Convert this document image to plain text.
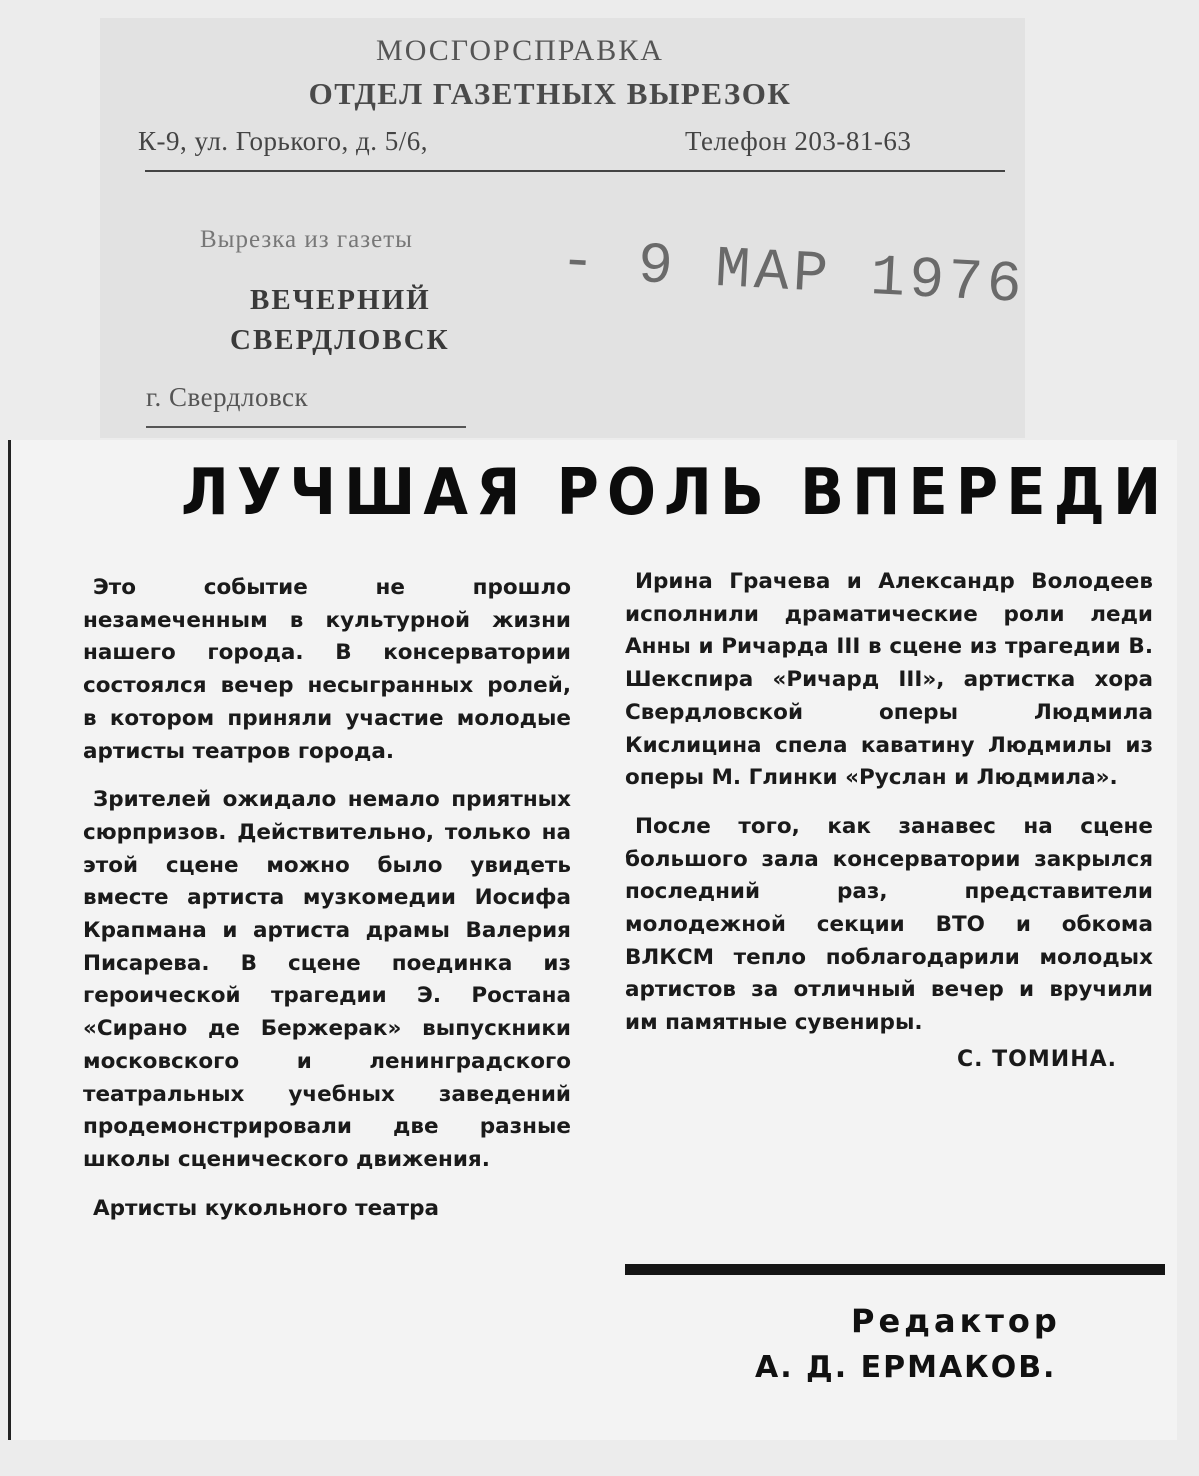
МОСГОРСПРАВКА
ОТДЕЛ ГАЗЕТНЫХ ВЫРЕЗОК
К-9, ул. Горького, д. 5/6,	Телефон 203-81-63
Вырезка из газеты
ВЕЧЕРНИЙ
СВЕРДЛОВСК
г. Свердловск
- 9 МАР 1976
ЛУЧШАЯ РОЛЬ ВПЕРЕДИ

Это событие не прошло незамеченным в культурной жизни нашего города. В консерватории состоялся вечер несыгранных ролей, в котором приняли участие молодые артисты театров города.

Зрителей ожидало немало приятных сюрпризов. Действительно, только на этой сцене можно было увидеть вместе артиста музкомедии Иосифа Крапмана и артиста драмы Валерия Писарева. В сцене поединка из героической трагедии Э. Ростана «Сирано де Бержерак» выпускники московского и ленинградского театральных учебных заведений продемонстрировали две разные школы сценического движения.

Артисты кукольного театра

Ирина Грачева и Александр Володеев исполнили драматические роли леди Анны и Ричарда III в сцене из трагедии В. Шекспира «Ричард III», артистка хора Свердловской оперы Людмила Кислицина спела каватину Людмилы из оперы М. Глинки «Руслан и Людмила».

После того, как занавес на сцене большого зала консерватории закрылся последний раз, представители молодежной секции ВТО и обкома ВЛКСМ тепло поблагодарили молодых артистов за отличный вечер и вручили им памятные сувениры.

С. ТОМИНА.

Редактор
А. Д. ЕРМАКОВ.
